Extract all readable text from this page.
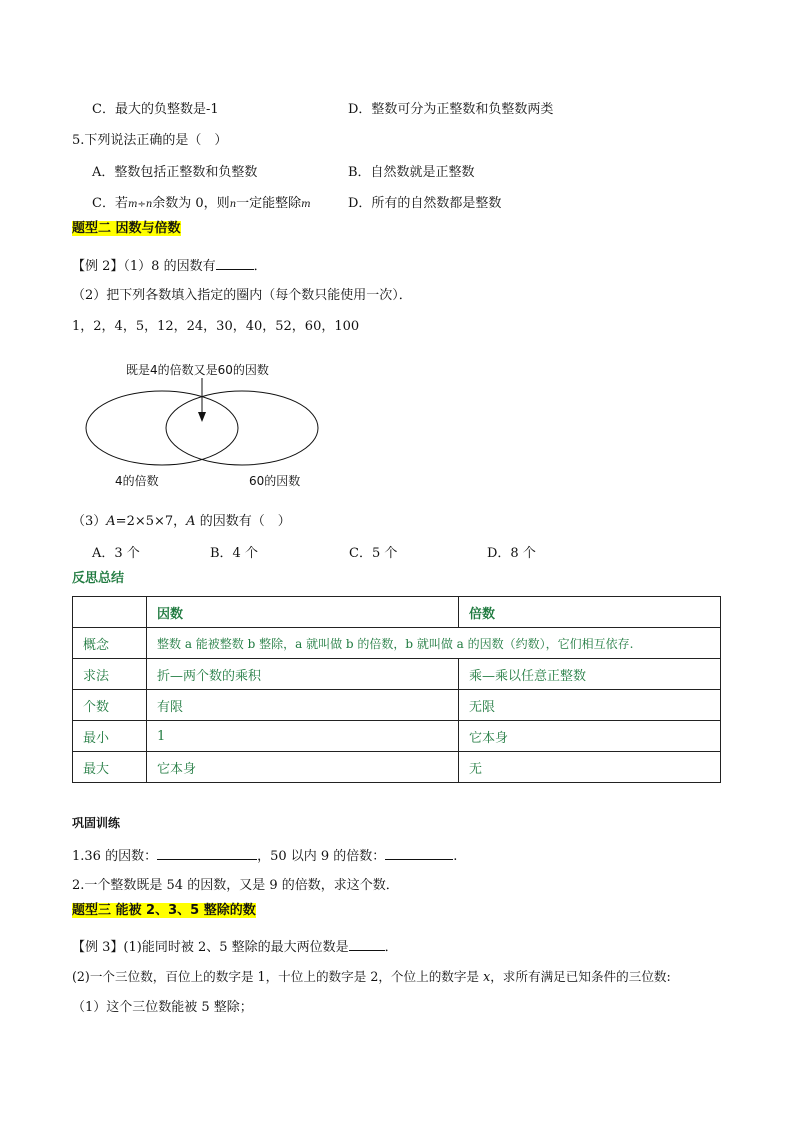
C．最大的负整数是-1	D．整数可分为正整数和负整数两类
5.下列说法正确的是（　）
A．整数包括正整数和负整数	B．自然数就是正整数
C．若m÷n余数为 0，则n一定能整除m	D．所有的自然数都是整数
题型二 因数与倍数
【例 2】（1）8 的因数有	．
（2）把下列各数填入指定的圈内（每个数只能使用一次）．
1，2，4，5，12，24，30，40，52，60，100
既是4的倍数又是60的因数
4的倍数	60的因数
（3）A=2×5×7，A 的因数有（　）
A．3 个	B．4 个	C．5 个	D．8 个
反思总结
	因数	倍数
概念	整数 a 能被整数 b 整除，a 就叫做 b 的倍数，b 就叫做 a 的因数（约数），它们相互依存.	
求法	折—两个数的乘积	乘—乘以任意正整数
个数	有限	无限
最小	1	它本身
最大	它本身	无
巩固训练
1.36 的因数：	，50 以内 9 的倍数：	.
2.一个整数既是 54 的因数，又是 9 的倍数，求这个数．
题型三 能被 2、3、5 整除的数
【例 3】(1)能同时被 2、5 整除的最大两位数是	．
(2)一个三位数，百位上的数字是 1，十位上的数字是 2，个位上的数字是 x，求所有满足已知条件的三位数:
（1）这个三位数能被 5 整除；
